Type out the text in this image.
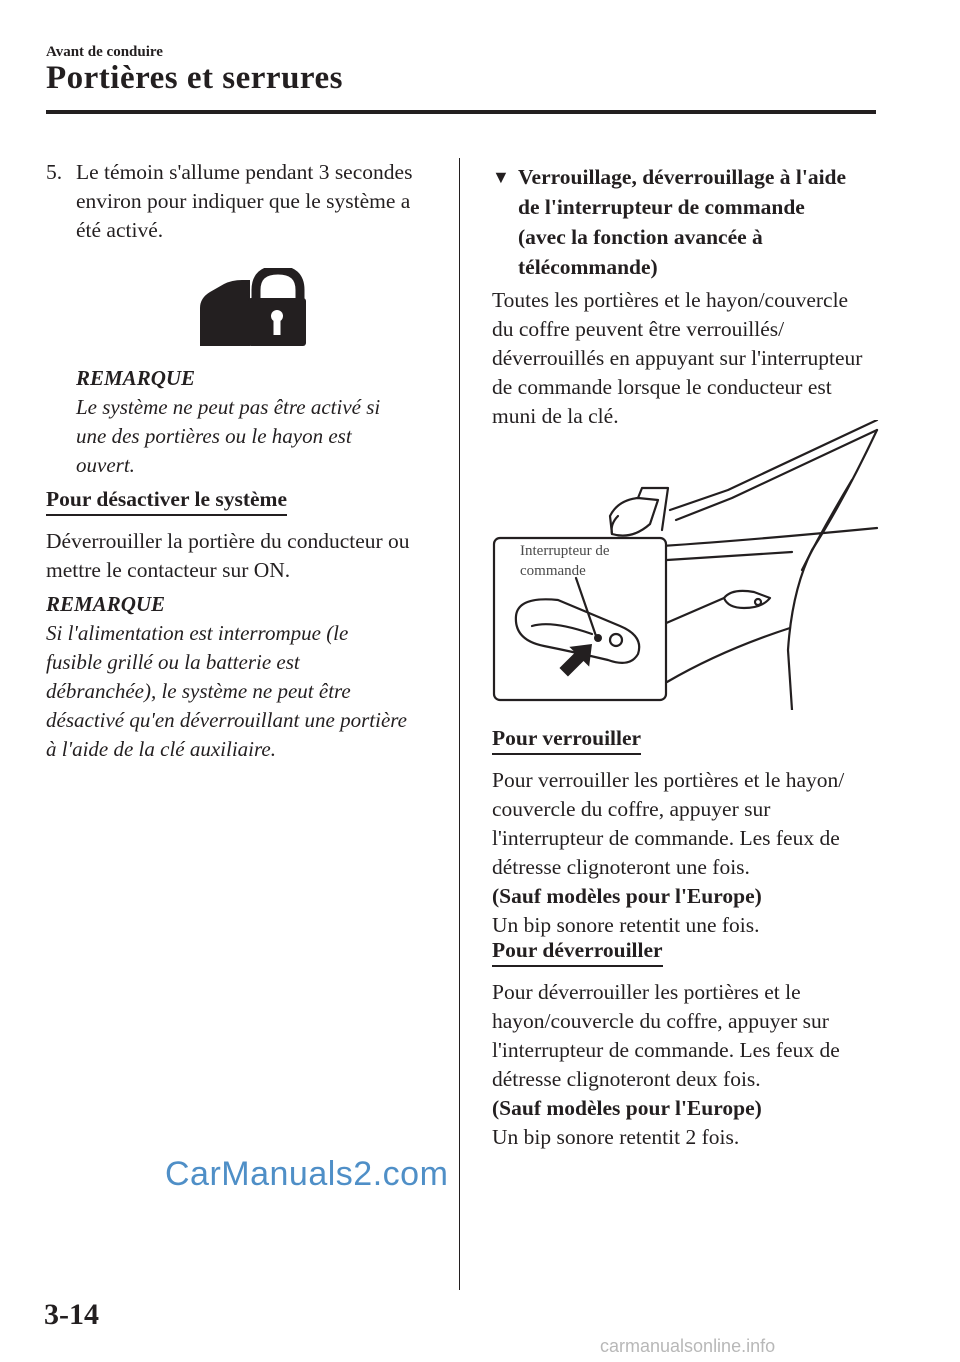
Avant de conduire
Portières et serrures
5. Le témoin s'allume pendant 3 secondes
environ pour indiquer que le système a
été activé.
REMARQUE
Le système ne peut pas être activé si
une des portières ou le hayon est
ouvert.
Pour désactiver le système
Déverrouiller la portière du conducteur ou
mettre le contacteur sur ON.
REMARQUE
Si l'alimentation est interrompue (le
fusible grillé ou la batterie est
débranchée), le système ne peut être
désactivé qu'en déverrouillant une portière
à l'aide de la clé auxiliaire.
▼ Verrouillage, déverrouillage à l'aide
de l'interrupteur de commande
(avec la fonction avancée à
télécommande)
Toutes les portières et le hayon/couvercle
du coffre peuvent être verrouillés/
déverrouillés en appuyant sur l'interrupteur
de commande lorsque le conducteur est
muni de la clé.
Interrupteur de
commande
Pour verrouiller
Pour verrouiller les portières et le hayon/
couvercle du coffre, appuyer sur
l'interrupteur de commande. Les feux de
détresse clignoteront une fois.
(Sauf modèles pour l'Europe)
Un bip sonore retentit une fois.
Pour déverrouiller
Pour déverrouiller les portières et le
hayon/couvercle du coffre, appuyer sur
l'interrupteur de commande. Les feux de
détresse clignoteront deux fois.
(Sauf modèles pour l'Europe)
Un bip sonore retentit 2 fois.
CarManuals2.com
3-14
carmanualsonline.info
